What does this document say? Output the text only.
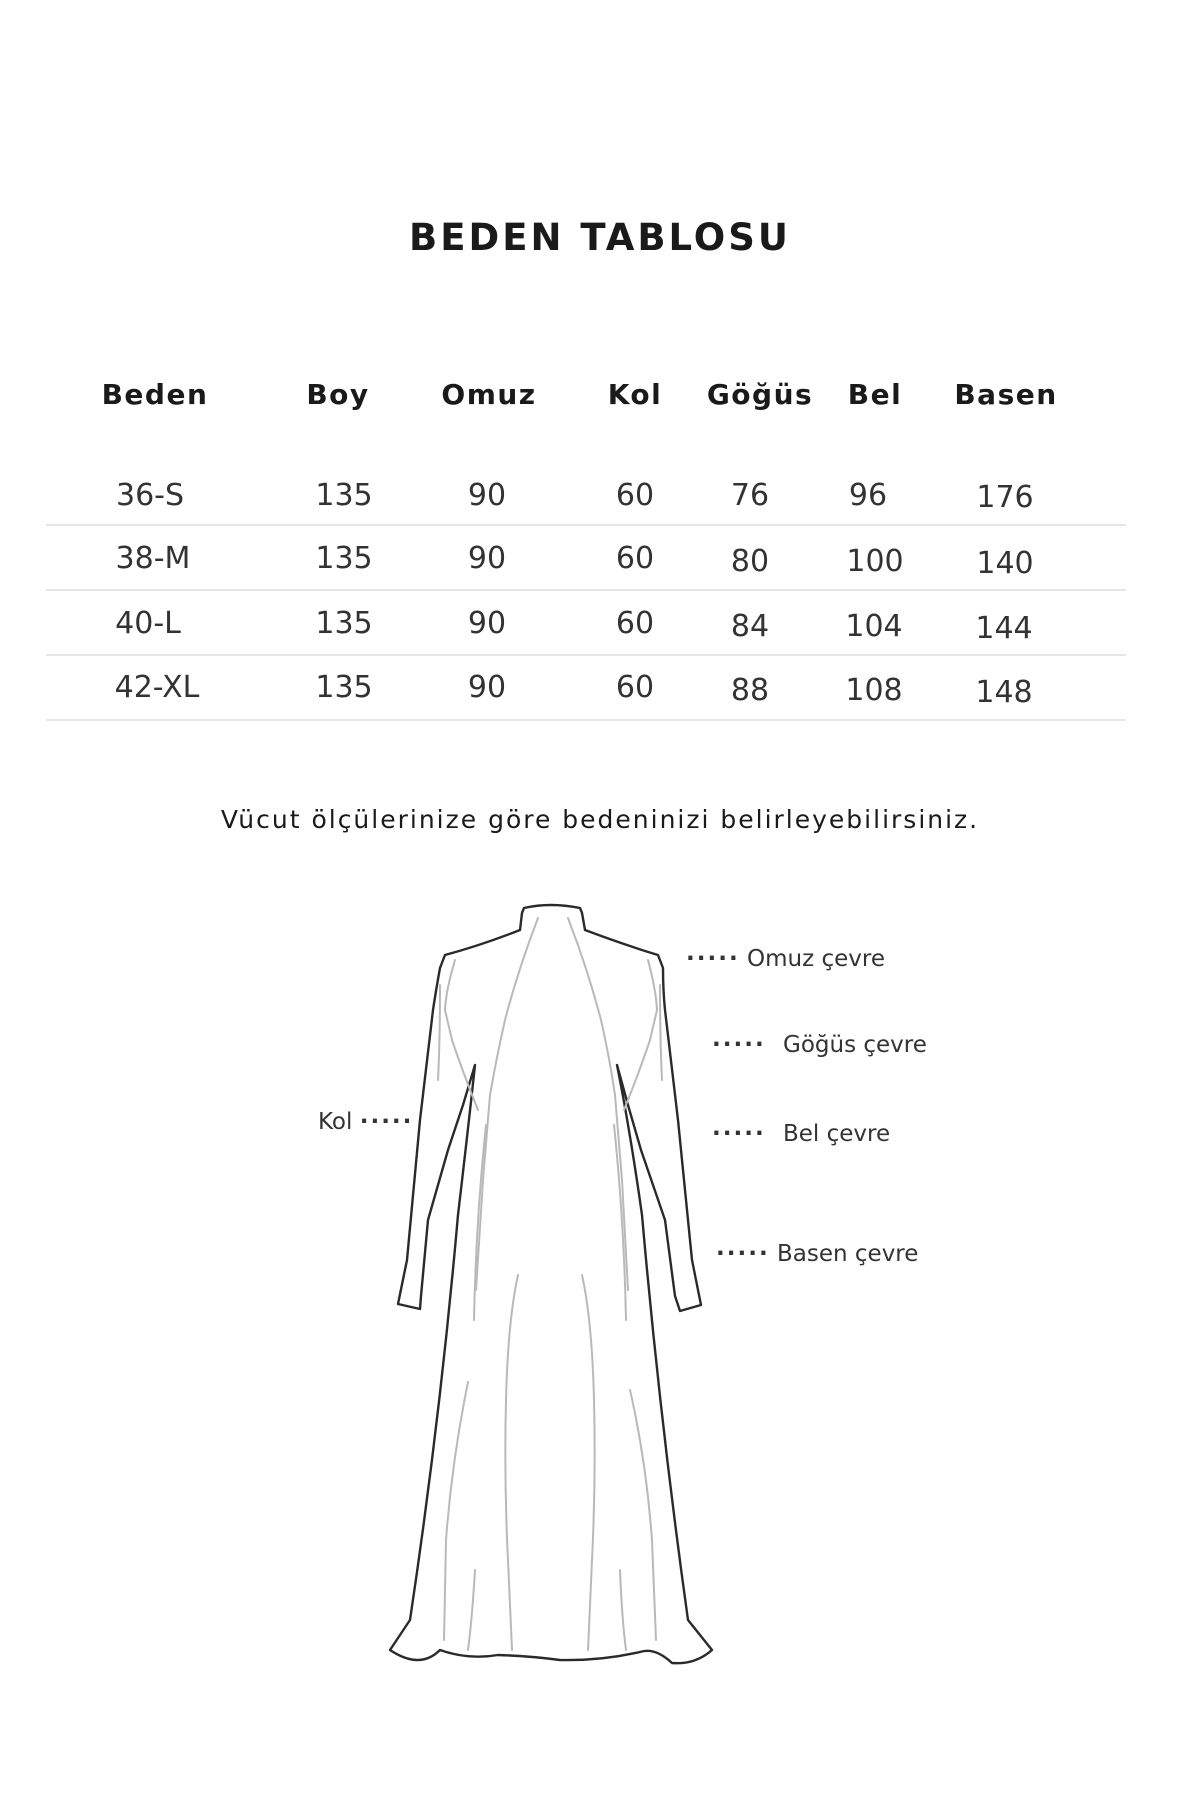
BEDEN TABLOSU
Beden	Boy	Omuz	Kol Göğüs Bel Basen
36-S	135	90	60	76	96	176
38-M	135	90	60	80	100 140
40-L	135	90	60	84	104 144
42-XL	135	90	60	88	108 148
Vücut ölçülerinize göre bedeninizi belirleyebilirsiniz.
····· Omuz çevre
····· Göğüs çevre
····· Bel çevre
····· Basen çevre
Kol ·····
